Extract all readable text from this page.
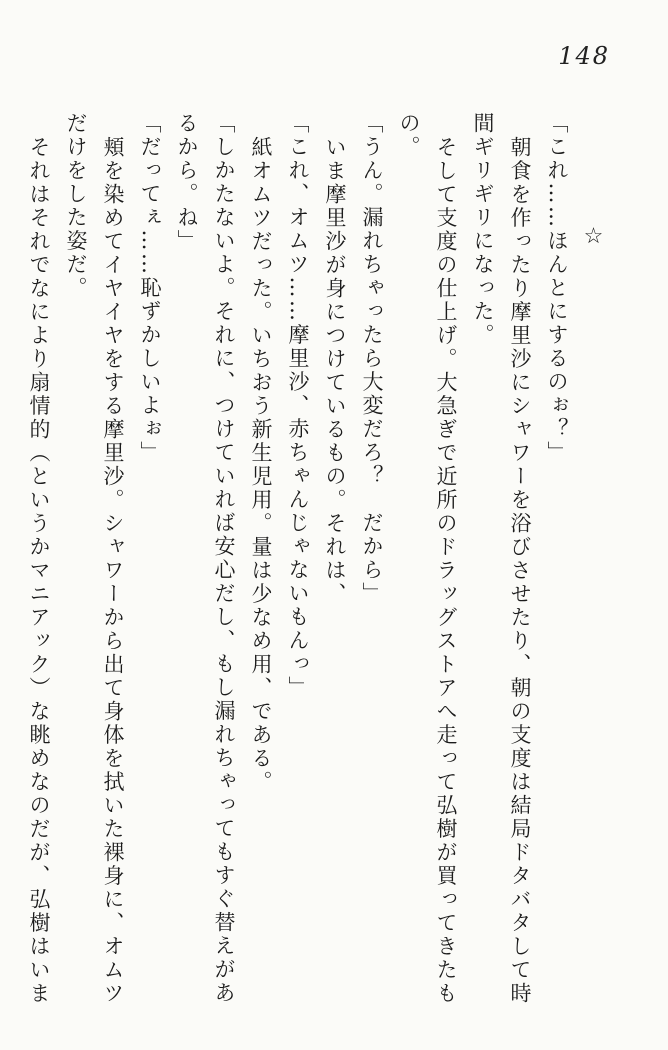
148
☆
「これ……ほんとにするのぉ？」
朝食を作ったり摩里沙にシャワーを浴びさせたり、朝の支度は結局ドタバタして時
間ギリギリになった。
そして支度の仕上げ。大急ぎで近所のドラッグストアへ走って弘樹が買ってきたも
の。
「うん。漏れちゃったら大変だろ？　だから」
いま摩里沙が身につけているもの。それは、
「これ、オムツ……摩里沙、赤ちゃんじゃないもんっ」
紙オムツだった。いちおう新生児用。量は少なめ用、である。
「しかたないよ。それに、つけていれば安心だし、もし漏れちゃってもすぐ替えがあ
るから。ね」
「だってぇ……恥ずかしいよぉ」
頬を染めてイヤイヤをする摩里沙。シャワーから出て身体を拭いた裸身に、オムツ
だけをした姿だ。
それはそれでなにより扇情的（というかマニアック）な眺めなのだが、弘樹はいま
